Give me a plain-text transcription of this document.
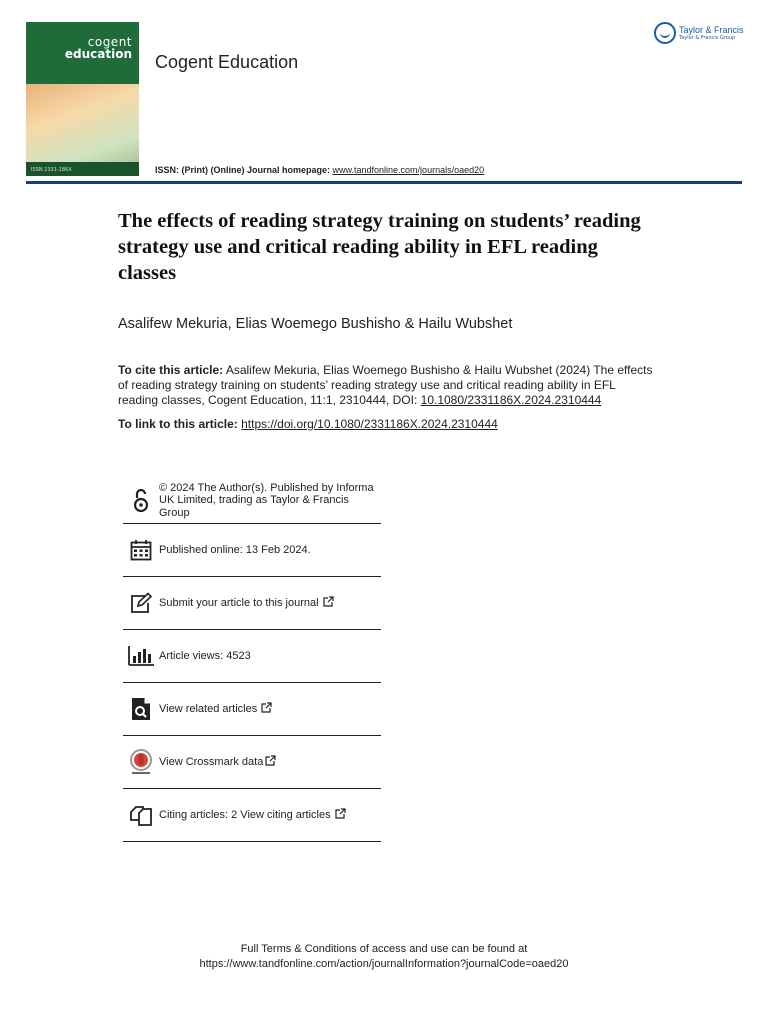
cogent
education
ISSN 2331-186X
Cogent Education
Taylor & Francis
Taylor & Francis Group
ISSN: (Print) (Online) Journal homepage: www.tandfonline.com/journals/oaed20
The effects of reading strategy training on students’ reading strategy use and critical reading ability in EFL reading classes
Asalifew Mekuria, Elias Woemego Bushisho & Hailu Wubshet
To cite this article: Asalifew Mekuria, Elias Woemego Bushisho & Hailu Wubshet (2024) The effects of reading strategy training on students’ reading strategy use and critical reading ability in EFL reading classes, Cogent Education, 11:1, 2310444, DOI: 10.1080/2331186X.2024.2310444
To link to this article: https://doi.org/10.1080/2331186X.2024.2310444
© 2024 The Author(s). Published by Informa UK Limited, trading as Taylor & Francis Group
Published online: 13 Feb 2024.
Submit your article to this journal
Article views: 4523
View related articles
View Crossmark data
Citing articles: 2 View citing articles
Full Terms & Conditions of access and use can be found at
https://www.tandfonline.com/action/journalInformation?journalCode=oaed20
